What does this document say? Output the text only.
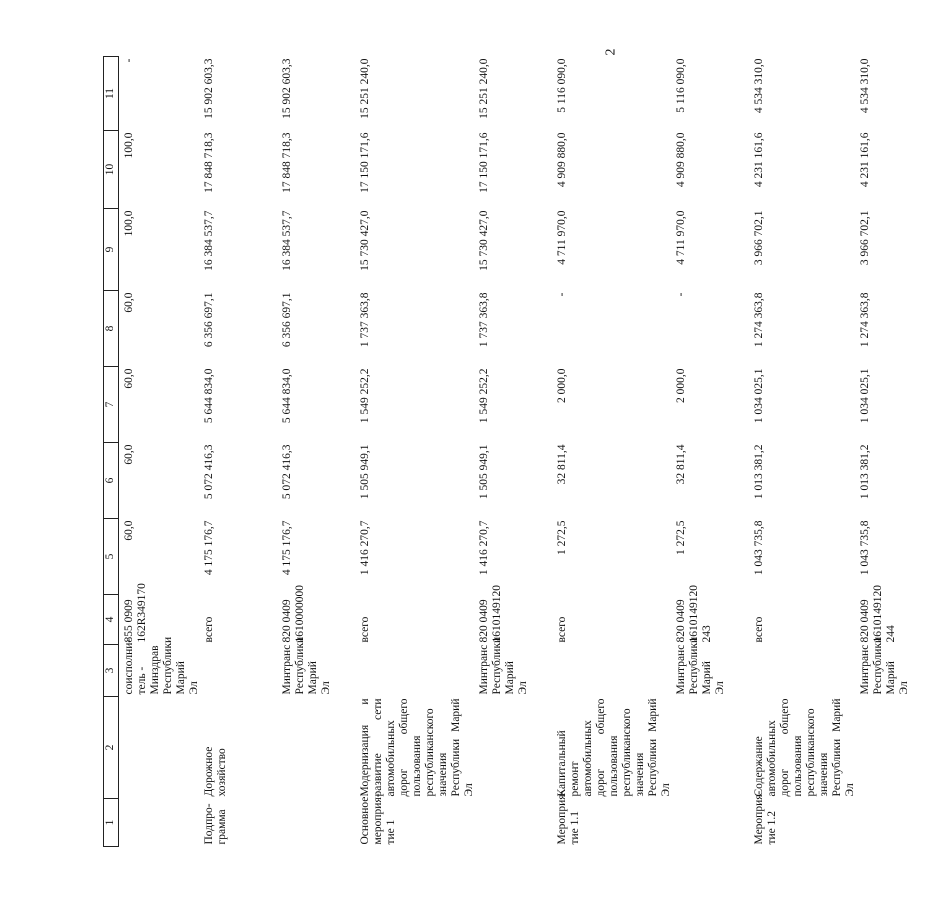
2
1	2	3	4	5	6	7	8	9	10	11
		соисполни-тель - Минздрав Республики Марий Эл	855 0909 162R349170	60,0	60,0	60,0	60,0	100,0	100,0	-
Подпро-грамма	Дорожное хозяйство		всего	4 175 176,7	5 072 416,3	5 644 834,0	6 356 697,1	16 384 537,7	17 848 718,3	15 902 603,3
		Минтранс Республики Марий Эл	820 0409 1610000000	4 175 176,7	5 072 416,3	5 644 834,0	6 356 697,1	16 384 537,7	17 848 718,3	15 902 603,3
Основное мероприя-тие 1	Модернизация и развитие сети автомобильных дорог общего пользования республиканского значения Республики Марий Эл		всего	1 416 270,7	1 505 949,1	1 549 252,2	1 737 363,8	15 730 427,0	17 150 171,6	15 251 240,0
		Минтранс Республики Марий Эл	820 0409 1610149120	1 416 270,7	1 505 949,1	1 549 252,2	1 737 363,8	15 730 427,0	17 150 171,6	15 251 240,0
Мероприя-тие 1.1	Капитальный ремонт автомобильных дорог общего пользования республиканского значения Республики Марий Эл		всего	1 272,5	32 811,4	2 000,0	-	4 711 970,0	4 909 880,0	5 116 090,0
		Минтранс Республики Марий Эл	820 0409 1610149120 243	1 272,5	32 811,4	2 000,0	-	4 711 970,0	4 909 880,0	5 116 090,0
Мероприя-тие 1.2	Содержание автомобильных дорог общего пользования республиканского значения Республики Марий Эл		всего	1 043 735,8	1 013 381,2	1 034 025,1	1 274 363,8	3 966 702,1	4 231 161,6	4 534 310,0
		Минтранс Республики Марий Эл	820 0409 1610149120 244	1 043 735,8	1 013 381,2	1 034 025,1	1 274 363,8	3 966 702,1	4 231 161,6	4 534 310,0
